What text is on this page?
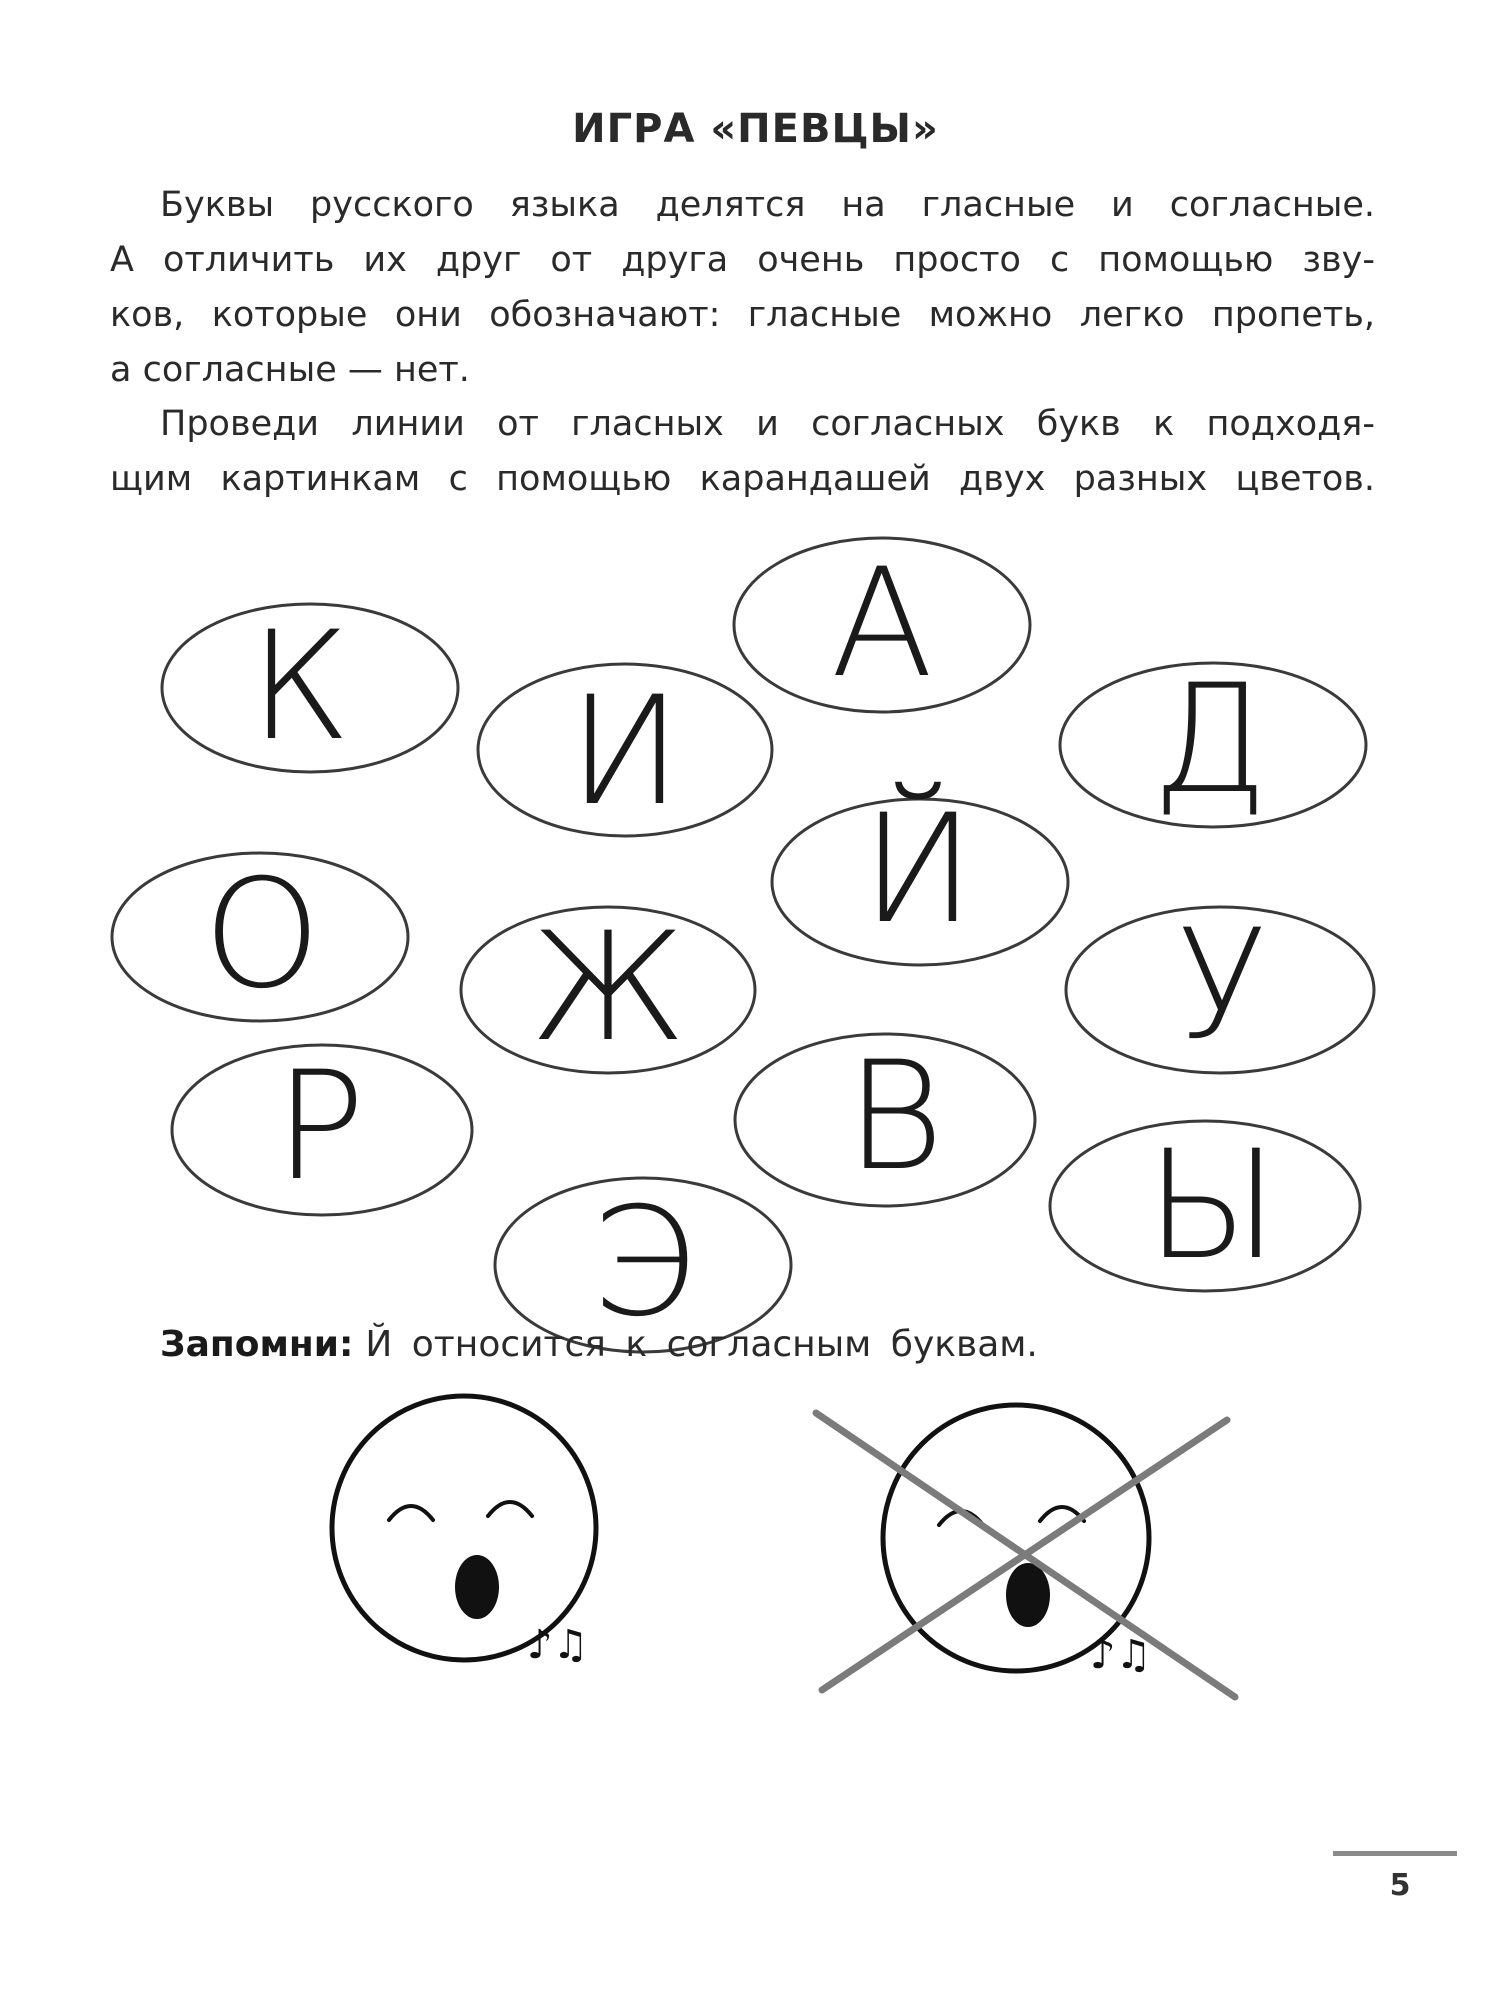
ИГРА «ПЕВЦЫ»
Буквы русского языка делятся на гласные и согласные.
А отличить их друг от друга очень просто с помощью зву-
ков, которые они обозначают: гласные можно легко пропеть,
а согласные — нет.
Проведи линии от гласных и согласных букв к подходя-
щим картинкам с помощью карандашей двух разных цветов.
А
К И	Д
Й
О Ж	У
В
Р	Ы
Э
♪♫	♪♫
Запомни: Й относится к согласным буквам.
5
